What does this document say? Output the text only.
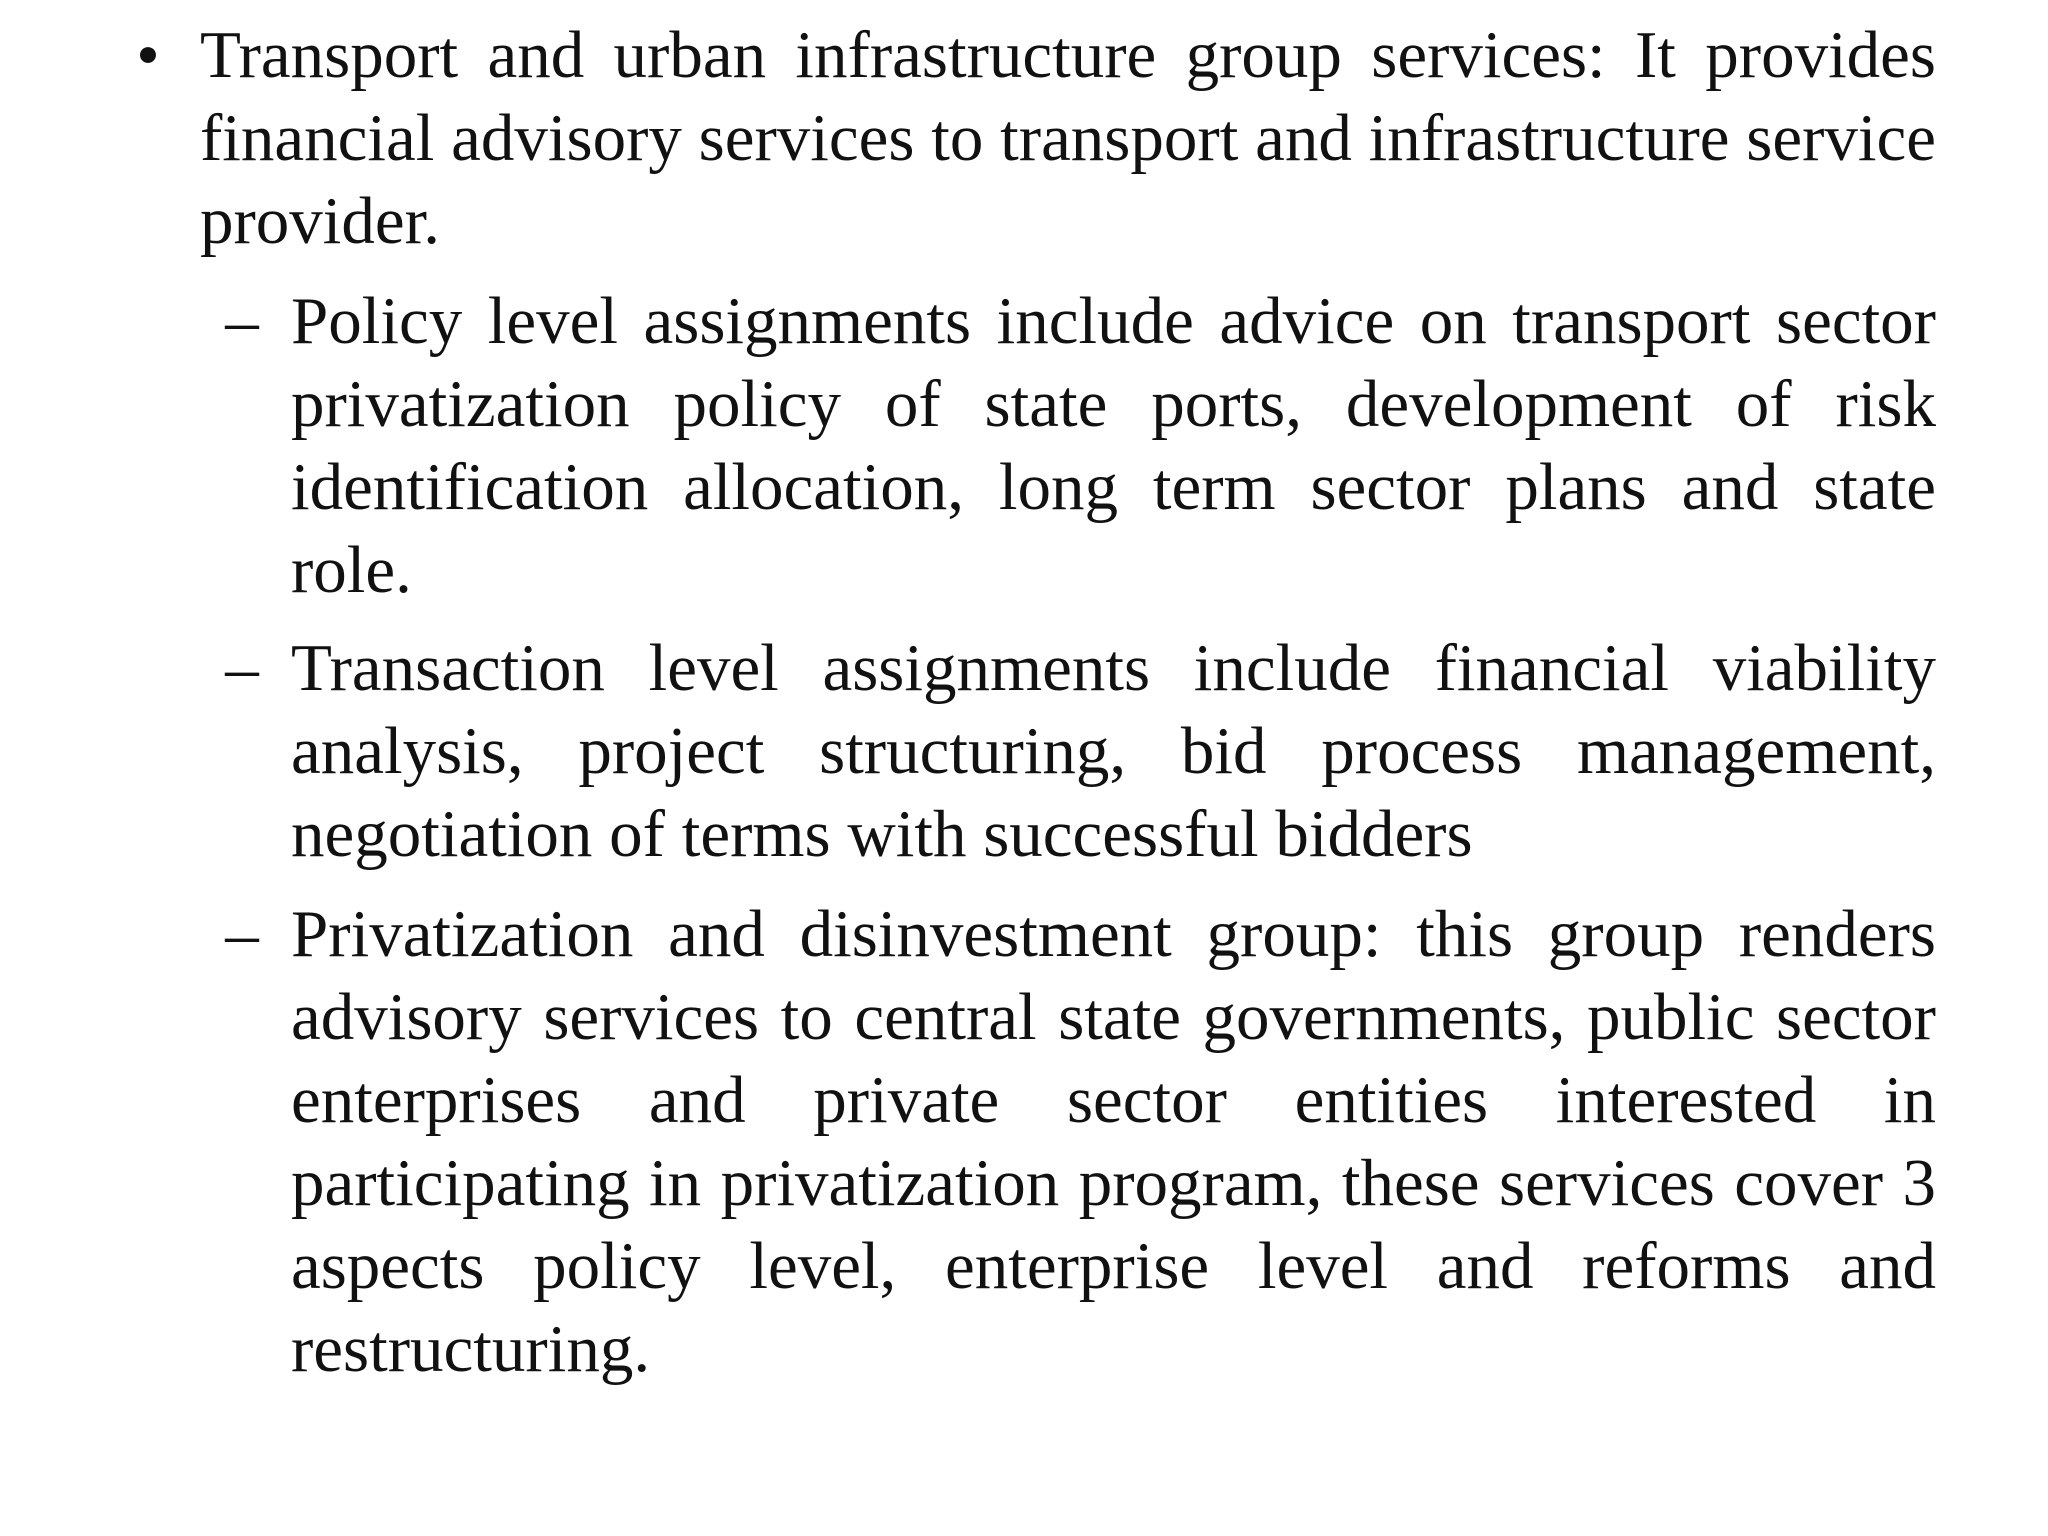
• Transport and urban infrastructure group services: It provides financial advisory services to transport and infrastructure service provider.
– Policy level assignments include advice on transport sector privatization policy of state ports, development of risk identification allocation, long term sector plans and state role.
– Transaction level assignments include financial viability analysis, project structuring, bid process management, negotiation of terms with successful bidders
– Privatization and disinvestment group: this group renders advisory services to central state governments, public sector enterprises and private sector entities interested in participating in privatization program, these services cover 3 aspects policy level, enterprise level and reforms and restructuring.
